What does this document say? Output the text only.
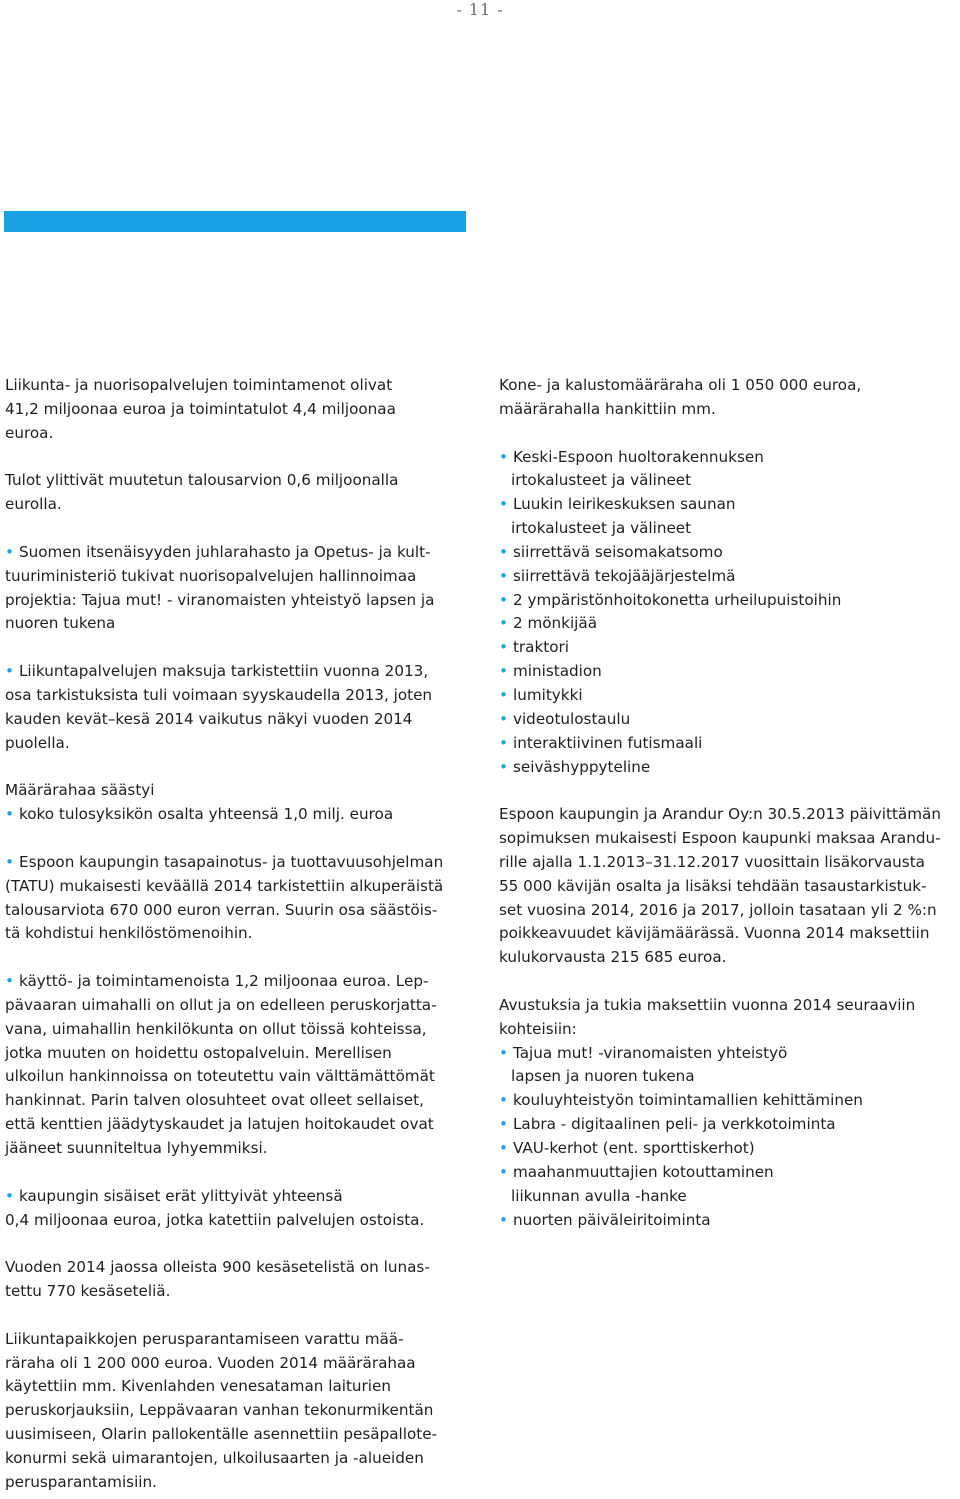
- 11 -

Liikunta- ja nuorisopalvelujen toimintamenot olivat

41,2 miljoonaa euroa ja toimintatulot 4,4 miljoonaa

euroa.

Tulot ylittivät muutetun talousarvion 0,6 miljoonalla

eurolla.

• Suomen itsenäisyyden juhlarahasto ja Opetus- ja kult-

tuuriministeriö tukivat nuorisopalvelujen hallinnoimaa

projektia: Tajua mut! - viranomaisten yhteistyö lapsen ja

nuoren tukena

• Liikuntapalvelujen maksuja tarkistettiin vuonna 2013,

osa tarkistuksista tuli voimaan syyskaudella 2013, joten

kauden kevät–kesä 2014 vaikutus näkyi vuoden 2014

puolella.

Määrärahaa säästyi

• koko tulosyksikön osalta yhteensä 1,0 milj. euroa

• Espoon kaupungin tasapainotus- ja tuottavuusohjelman

(TATU) mukaisesti keväällä 2014 tarkistettiin alkuperäistä

talousarviota 670 000 euron verran. Suurin osa säästöis-

tä kohdistui henkilöstömenoihin.

• käyttö- ja toimintamenoista 1,2 miljoonaa euroa. Lep-

pävaaran uimahalli on ollut ja on edelleen peruskorjatta-

vana, uimahallin henkilökunta on ollut töissä kohteissa,

jotka muuten on hoidettu ostopalveluin. Merellisen

ulkoilun hankinnoissa on toteutettu vain välttämättömät

hankinnat. Parin talven olosuhteet ovat olleet sellaiset,

että kenttien jäädytyskaudet ja latujen hoitokaudet ovat

jääneet suunniteltua lyhyemmiksi.

• kaupungin sisäiset erät ylittyivät yhteensä

0,4 miljoonaa euroa, jotka katettiin palvelujen ostoista.

Vuoden 2014 jaossa olleista 900 kesäsetelistä on lunas-

tettu 770 kesäseteliä.

Liikuntapaikkojen perusparantamiseen varattu mää-

räraha oli 1 200 000 euroa. Vuoden 2014 määrärahaa

käytettiin mm. Kivenlahden venesataman laiturien

peruskorjauksiin, Leppävaaran vanhan tekonurmikentän

uusimiseen, Olarin pallokentälle asennettiin pesäpallote-

konurmi sekä uimarantojen, ulkoilusaarten ja -alueiden

perusparantamisiin.

Kone- ja kalustomääräraha oli 1 050 000 euroa,

määrärahalla hankittiin mm.

• Keski-Espoon huoltorakennuksen

irtokalusteet ja välineet

• Luukin leirikeskuksen saunan

irtokalusteet ja välineet

• siirrettävä seisomakatsomo

• siirrettävä tekojääjärjestelmä

• 2 ympäristönhoitokonetta urheilupuistoihin

• 2 mönkijää

• traktori

• ministadion

• lumitykki

• videotulostaulu

• interaktiivinen futismaali

• seiväshyppyteline

Espoon kaupungin ja Arandur Oy:n 30.5.2013 päivittämän

sopimuksen mukaisesti Espoon kaupunki maksaa Arandu-

rille ajalla 1.1.2013–31.12.2017 vuosittain lisäkorvausta

55 000 kävijän osalta ja lisäksi tehdään tasaustarkistuk-

set vuosina 2014, 2016 ja 2017, jolloin tasataan yli 2 %:n

poikkeavuudet kävijämäärässä. Vuonna 2014 maksettiin

kulukorvausta 215 685 euroa.

Avustuksia ja tukia maksettiin vuonna 2014 seuraaviin

kohteisiin:

• Tajua mut! -viranomaisten yhteistyö

lapsen ja nuoren tukena

• kouluyhteistyön toimintamallien kehittäminen

• Labra - digitaalinen peli- ja verkkotoiminta

• VAU-kerhot (ent. sporttiskerhot)

• maahanmuuttajien kotouttaminen

liikunnan avulla -hanke

• nuorten päiväleiritoiminta
